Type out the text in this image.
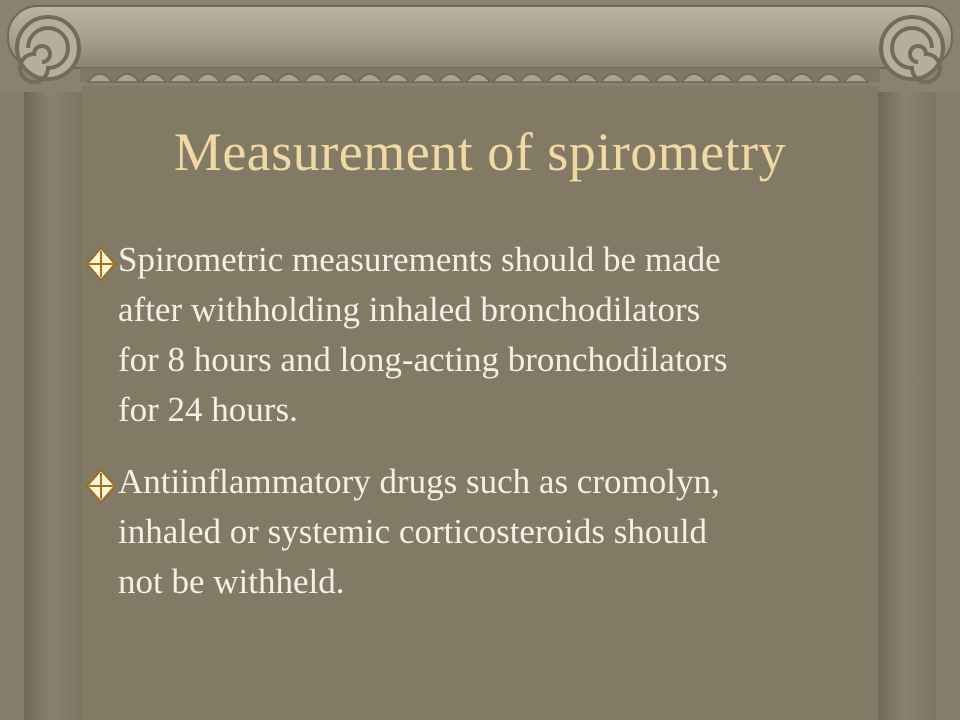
Measurement of spirometry
Spirometric measurements should be made
after withholding inhaled bronchodilators
for 8 hours and long-acting bronchodilators
for 24 hours.
Antiinflammatory drugs such as cromolyn,
inhaled or systemic corticosteroids should
not be withheld.
